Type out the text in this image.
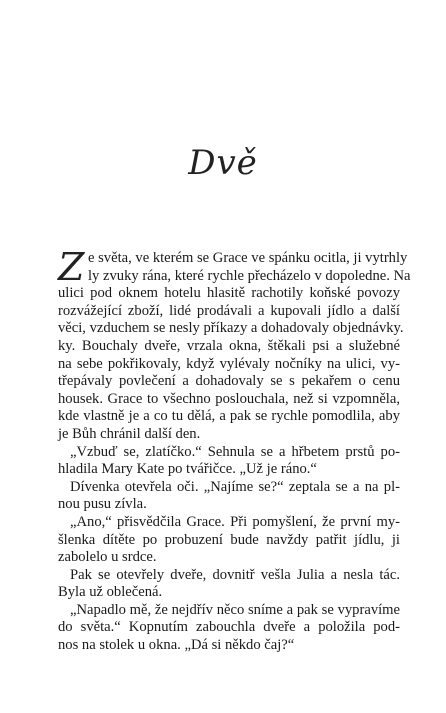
Dvě
Z e světa, ve kterém se Grace ve spánku ocitla, ji vytrhly
ly zvuky rána, které rychle přecházelo v dopoledne. Na
ulici pod oknem hotelu hlasitě rachotily koňské povozy
rozvážející zboží, lidé prodávali a kupovali jídlo a další
věci, vzduchem se nesly příkazy a dohadovaly objednávky.
ky. Bouchaly dveře, vrzala okna, štěkali psi a služebné
na sebe pokřikovaly, když vylévaly nočníky na ulici, vy-
třepávaly povlečení a dohadovaly se s pekařem o cenu
housek. Grace to všechno poslouchala, než si vzpomněla,
kde vlastně je a co tu dělá, a pak se rychle pomodlila, aby
je Bůh chránil další den.
„Vzbuď se, zlatíčko.“ Sehnula se a hřbetem prstů po-
hladila Mary Kate po tvářičce. „Už je ráno.“
Dívenka otevřela oči. „Najíme se?“ zeptala se a na pl-
nou pusu zívla.
„Ano,“ přisvědčila Grace. Při pomyšlení, že první my-
šlenka dítěte po probuzení bude navždy patřit jídlu, ji
zabolelo u srdce.
Pak se otevřely dveře, dovnitř vešla Julia a nesla tác.
Byla už oblečená.
„Napadlo mě, že nejdřív něco sníme a pak se vypravíme
do světa.“ Kopnutím zabouchla dveře a položila pod-
nos na stolek u okna. „Dá si někdo čaj?“
